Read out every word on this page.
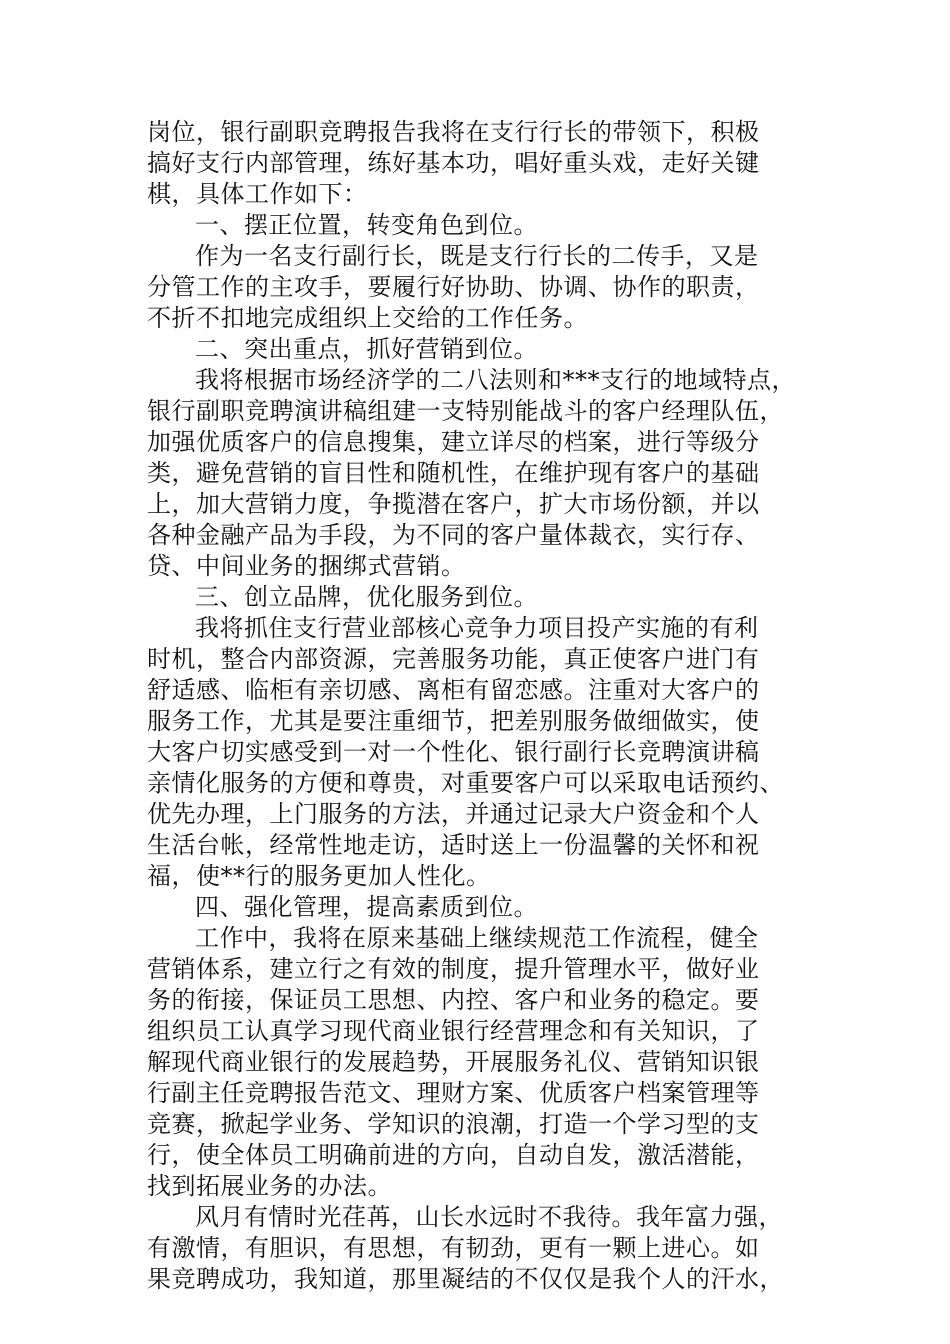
岗位，银行副职竞聘报告我将在支行行长的带领下，积极
搞好支行内部管理，练好基本功，唱好重头戏，走好关键
棋，具体工作如下：
一、摆正位置，转变角色到位。
作为一名支行副行长，既是支行行长的二传手，又是
分管工作的主攻手，要履行好协助、协调、协作的职责，
不折不扣地完成组织上交给的工作任务。
二、突出重点，抓好营销到位。
我将根据市场经济学的二八法则和***支行的地域特点，
银行副职竞聘演讲稿组建一支特别能战斗的客户经理队伍，
加强优质客户的信息搜集，建立详尽的档案，进行等级分
类，避免营销的盲目性和随机性，在维护现有客户的基础
上，加大营销力度，争揽潜在客户，扩大市场份额，并以
各种金融产品为手段，为不同的客户量体裁衣，实行存、
贷、中间业务的捆绑式营销。
三、创立品牌，优化服务到位。
我将抓住支行营业部核心竞争力项目投产实施的有利
时机，整合内部资源，完善服务功能，真正使客户进门有
舒适感、临柜有亲切感、离柜有留恋感。注重对大客户的
服务工作，尤其是要注重细节，把差别服务做细做实，使
大客户切实感受到一对一个性化、银行副行长竞聘演讲稿
亲情化服务的方便和尊贵，对重要客户可以采取电话预约、
优先办理，上门服务的方法，并通过记录大户资金和个人
生活台帐，经常性地走访，适时送上一份温馨的关怀和祝
福，使**行的服务更加人性化。
四、强化管理，提高素质到位。
工作中，我将在原来基础上继续规范工作流程，健全
营销体系，建立行之有效的制度，提升管理水平，做好业
务的衔接，保证员工思想、内控、客户和业务的稳定。要
组织员工认真学习现代商业银行经营理念和有关知识，了
解现代商业银行的发展趋势，开展服务礼仪、营销知识银
行副主任竞聘报告范文、理财方案、优质客户档案管理等
竞赛，掀起学业务、学知识的浪潮，打造一个学习型的支
行，使全体员工明确前进的方向，自动自发，激活潜能，
找到拓展业务的办法。
风月有情时光荏苒，山长水远时不我待。我年富力强，
有激情，有胆识，有思想，有韧劲，更有一颗上进心。如
果竞聘成功，我知道，那里凝结的不仅仅是我个人的汗水，
